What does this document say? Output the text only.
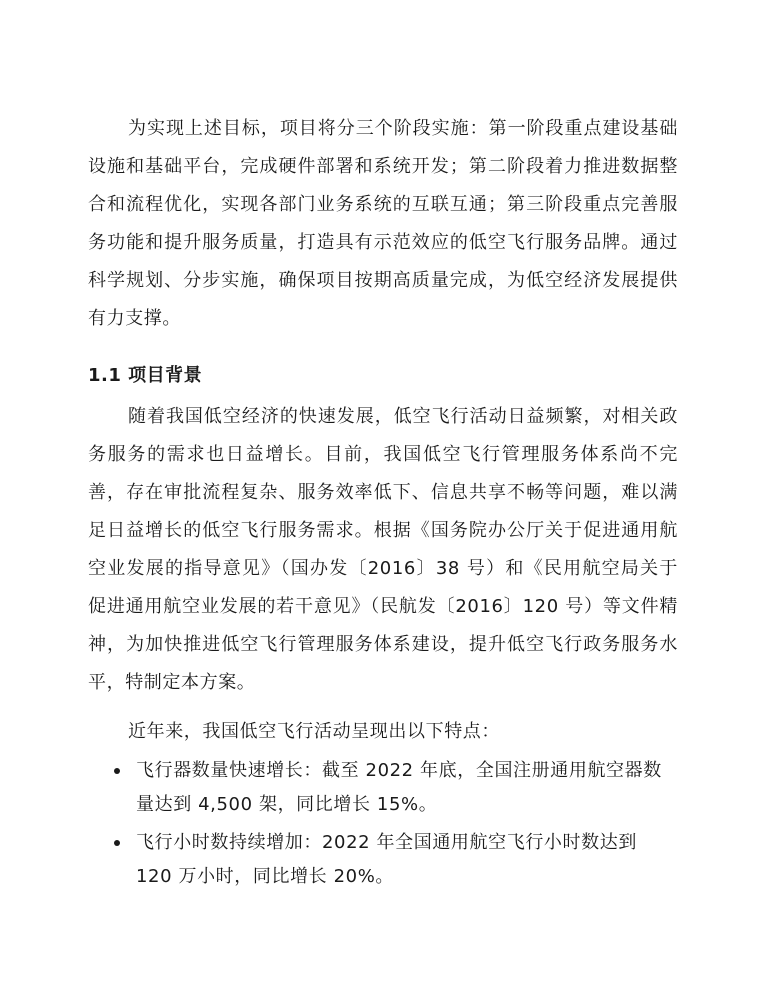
为实现上述目标，项目将分三个阶段实施：第一阶段重点建设基础设施和基础平台，完成硬件部署和系统开发；第二阶段着力推进数据整合和流程优化，实现各部门业务系统的互联互通；第三阶段重点完善服务功能和提升服务质量，打造具有示范效应的低空飞行服务品牌。通过科学规划、分步实施，确保项目按期高质量完成，为低空经济发展提供有力支撑。

1.1 项目背景

随着我国低空经济的快速发展，低空飞行活动日益频繁，对相关政务服务的需求也日益增长。目前，我国低空飞行管理服务体系尚不完善，存在审批流程复杂、服务效率低下、信息共享不畅等问题，难以满足日益增长的低空飞行服务需求。根据《国务院办公厅关于促进通用航空业发展的指导意见》（国办发〔2016〕38 号）和《民用航空局关于促进通用航空业发展的若干意见》（民航发〔2016〕120 号）等文件精神，为加快推进低空飞行管理服务体系建设，提升低空飞行政务服务水平，特制定本方案。

近年来，我国低空飞行活动呈现出以下特点：

飞行器数量快速增长：截至 2022 年底，全国注册通用航空器数量达到 4,500 架，同比增长 15%。
飞行小时数持续增加：2022 年全国通用航空飞行小时数达到 120 万小时，同比增长 20%。
